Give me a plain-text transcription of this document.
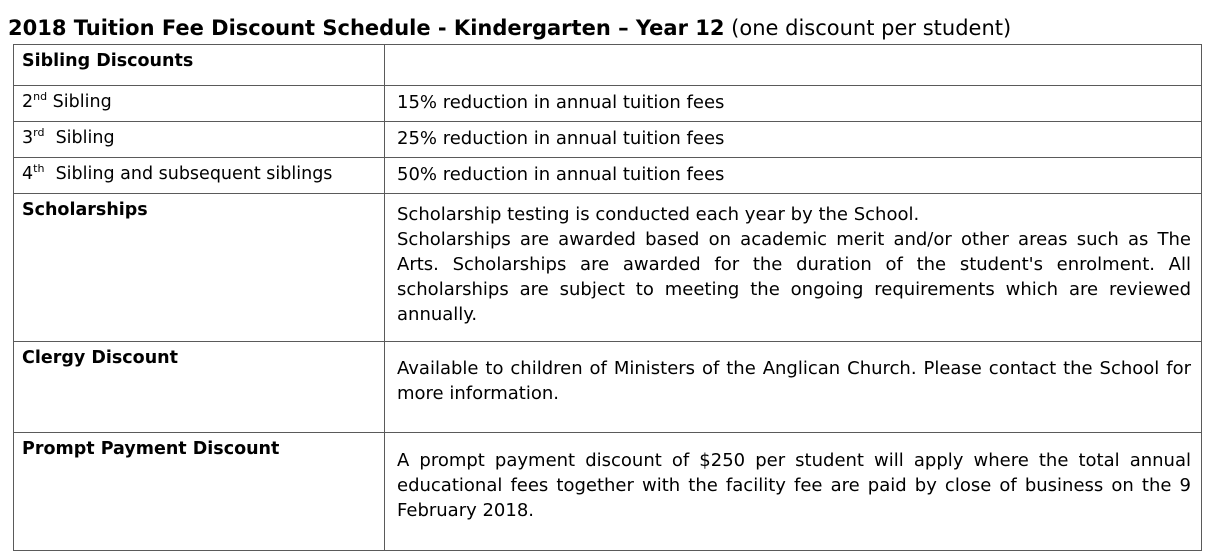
2018 Tuition Fee Discount Schedule - Kindergarten – Year 12 (one discount per student)
Sibling Discounts	
2nd Sibling	15% reduction in annual tuition fees
3rd  Sibling	25% reduction in annual tuition fees
4th  Sibling and subsequent siblings	50% reduction in annual tuition fees
Scholarships	Scholarship testing is conducted each year by the School.
Scholarships are awarded based on academic merit and/or other areas such as The Arts. Scholarships are awarded for the duration of the student's enrolment. All scholarships are subject to meeting the ongoing requirements which are reviewed annually.

Clergy Discount	Available to children of Ministers of the Anglican Church. Please contact the School for more information.
Prompt Payment Discount	A prompt payment discount of $250 per student will apply where the total annual educational fees together with the facility fee are paid by close of business on the 9 February 2018.
